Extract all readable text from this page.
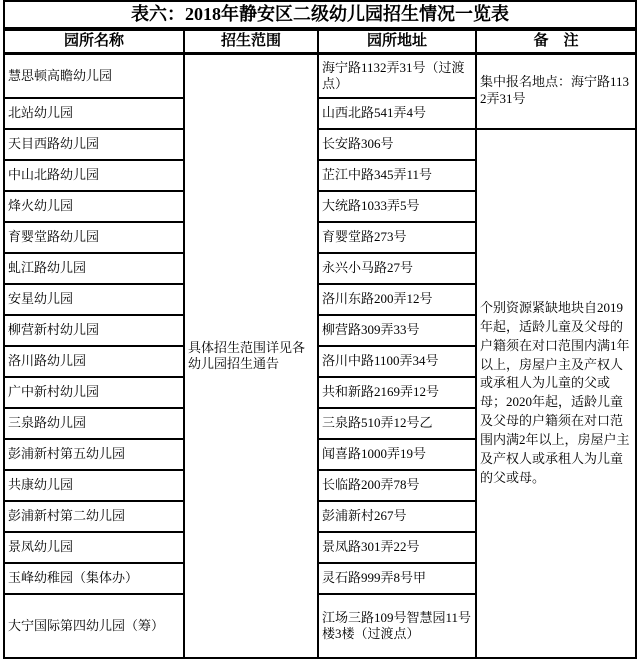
表六：2018年静安区二级幼儿园招生情况一览表			
园所名称	招生范围	园所地址	备　注
慧思顿高瞻幼儿园	具体招生范围详见各幼儿园招生通告	海宁路1132弄31号（过渡点）	集中报名地点：海宁路1132弄31号
北站幼儿园		山西北路541弄4号	
天目西路幼儿园		长安路306号	个别资源紧缺地块自2019年起，适龄儿童及父母的户籍须在对口范围内满1年以上，房屋户主及产权人或承租人为儿童的父或母；2020年起，适龄儿童及父母的户籍须在对口范围内满2年以上，房屋户主及产权人或承租人为儿童的父或母。
中山北路幼儿园		芷江中路345弄11号	
烽火幼儿园		大统路1033弄5号	
育婴堂路幼儿园		育婴堂路273号	
虬江路幼儿园		永兴小马路27号	
安星幼儿园		洛川东路200弄12号	
柳营新村幼儿园		柳营路309弄33号	
洛川路幼儿园		洛川中路1100弄34号	
广中新村幼儿园		共和新路2169弄12号	
三泉路幼儿园		三泉路510弄12号乙	
彭浦新村第五幼儿园		闻喜路1000弄19号	
共康幼儿园		长临路200弄78号	
彭浦新村第二幼儿园		彭浦新村267号	
景凤幼儿园		景凤路301弄22号	
玉峰幼稚园（集体办）		灵石路999弄8号甲	
大宁国际第四幼儿园（筹）		江场三路109号智慧园11号楼3楼（过渡点）	
